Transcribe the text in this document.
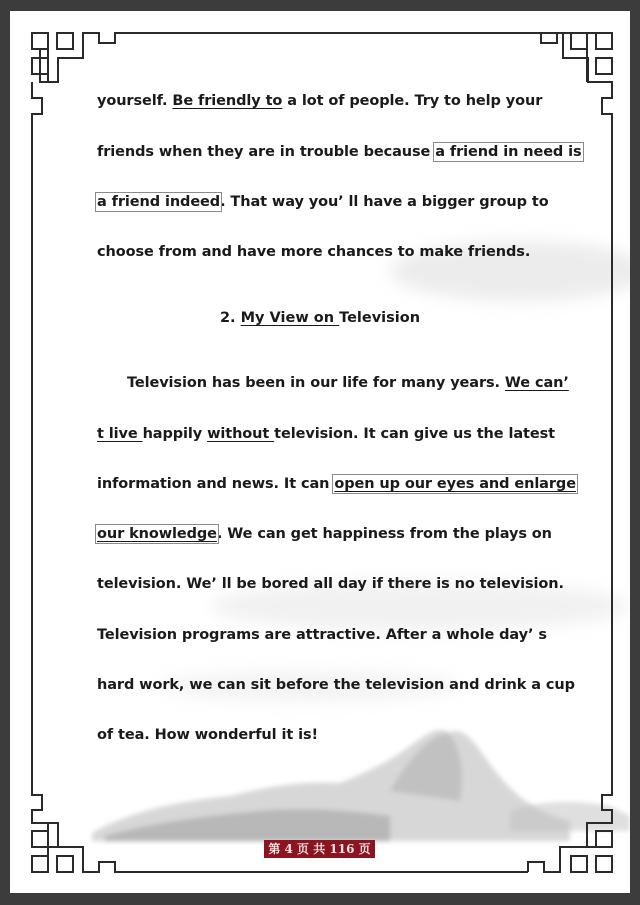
yourself. Be friendly to a lot of people. Try to help your
friends when they are in trouble because a friend in need is
a friend indeed. That way you’ ll have a bigger group to
choose from and have more chances to make friends.
2. My View on Television
Television has been in our life for many years. We can’
t live happily without television. It can give us the latest
information and news. It can open up our eyes and enlarge
our knowledge. We can get happiness from the plays on
television. We’ ll be bored all day if there is no television.
Television programs are attractive. After a whole day’ s
hard work, we can sit before the television and drink a cup
of tea. How wonderful it is!
第 4 页 共 116 页
